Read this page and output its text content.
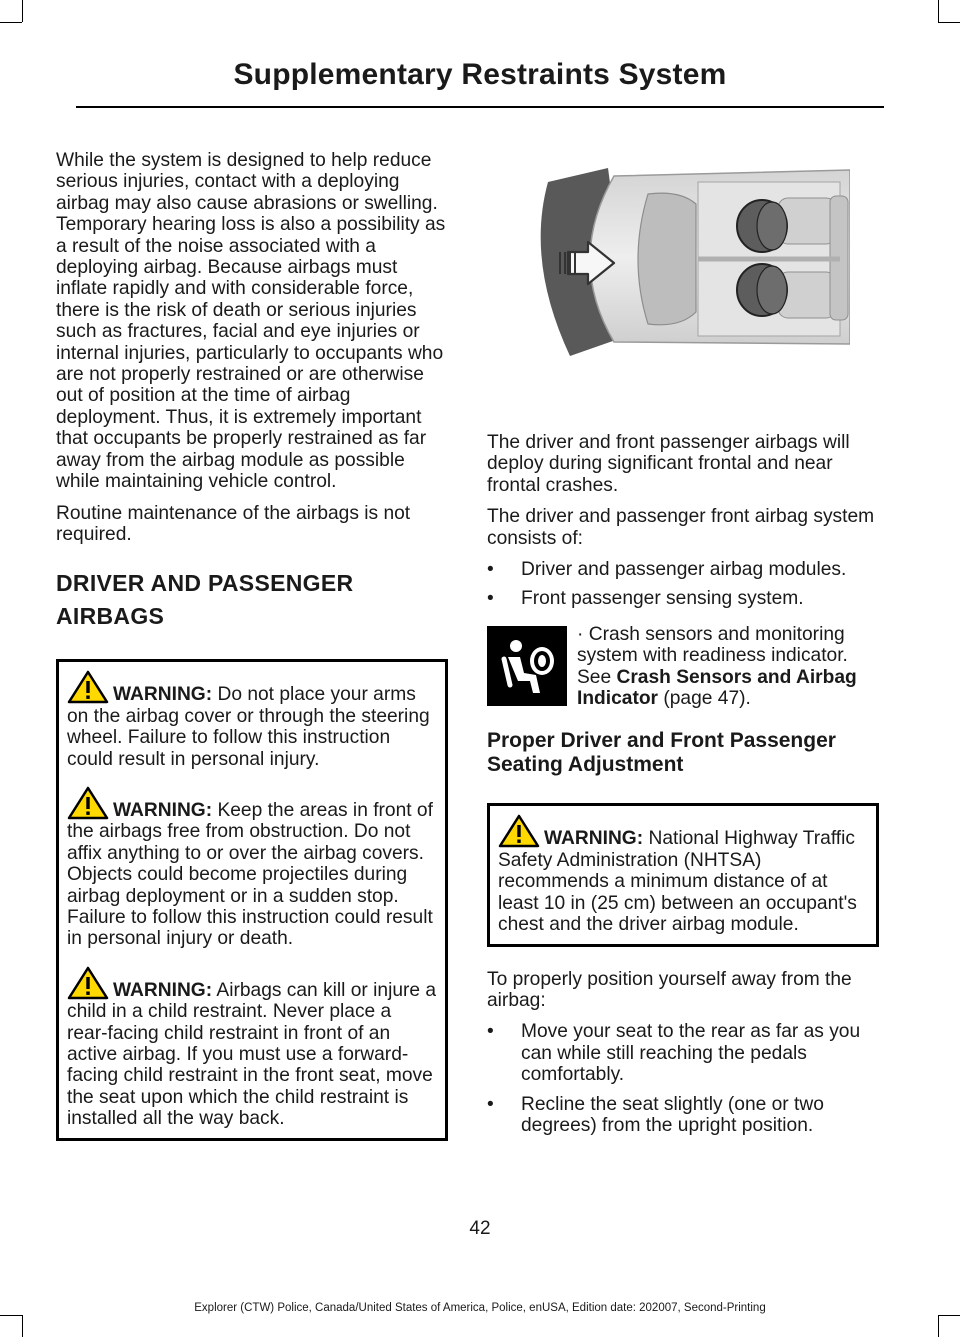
Supplementary Restraints System

While the system is designed to help reduce serious injuries, contact with a deploying airbag may also cause abrasions or swelling. Temporary hearing loss is also a possibility as a result of the noise associated with a deploying airbag. Because airbags must inflate rapidly and with considerable force, there is the risk of death or serious injuries such as fractures, facial and eye injuries or internal injuries, particularly to occupants who are not properly restrained or are otherwise out of position at the time of airbag deployment. Thus, it is extremely important that occupants be properly restrained as far away from the airbag module as possible while maintaining vehicle control.

Routine maintenance of the airbags is not required.

DRIVER AND PASSENGER
AIRBAGS

WARNING: Do not place your arms on the airbag cover or through the steering wheel. Failure to follow this instruction could result in personal injury.

WARNING: Keep the areas in front of the airbags free from obstruction. Do not affix anything to or over the airbag covers. Objects could become projectiles during airbag deployment or in a sudden stop. Failure to follow this instruction could result in personal injury or death.

WARNING: Airbags can kill or injure a child in a child restraint. Never place a rear-facing child restraint in front of an active airbag. If you must use a forward-facing child restraint in the front seat, move the seat upon which the child restraint is installed all the way back.

The driver and front passenger airbags will deploy during significant frontal and near frontal crashes.

The driver and passenger front airbag system consists of:

• Driver and passenger airbag modules.
• Front passenger sensing system.

· Crash sensors and monitoring system with readiness indicator. See Crash Sensors and Airbag Indicator (page 47).

Proper Driver and Front Passenger Seating Adjustment

WARNING: National Highway Traffic Safety Administration (NHTSA) recommends a minimum distance of at least 10 in (25 cm) between an occupant's chest and the driver airbag module.

To properly position yourself away from the airbag:

• Move your seat to the rear as far as you can while still reaching the pedals comfortably.
• Recline the seat slightly (one or two degrees) from the upright position.
42
Explorer (CTW) Police, Canada/United States of America, Police, enUSA, Edition date: 202007, Second-Printing
